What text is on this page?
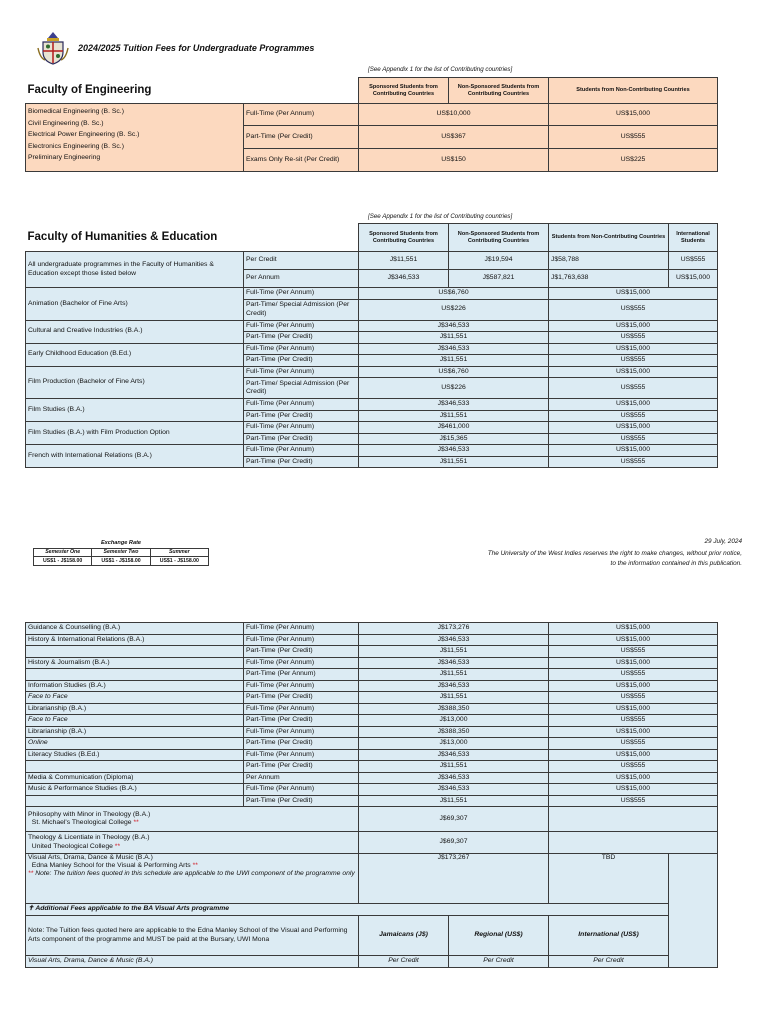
2024/2025 Tuition Fees for Undergraduate Programmes
[See Appendix 1 for the list of Contributing countries]
Faculty of Engineering		Sponsored Students from Contributing Countries	Non-Sponsored Students from Contributing Countries	Students from Non-Contributing Countries

Biomedical Engineering (B. Sc.)
Civil Engineering (B. Sc.)
Electrical Power Engineering (B. Sc.)
Electronics Engineering (B. Sc.)
Preliminary Engineering	Full-Time (Per Annum)	US$10,000		US$15,000
	Part-Time (Per Credit)	US$367		US$555
	Exams Only Re-sit (Per Credit)	US$150		US$225
[See Appendix 1 for the list of Contributing countries]
Faculty of Humanities & Education		Sponsored Students from Contributing Countries	Non-Sponsored Students from Contributing Countries	Students from Non-Contributing Countries	International Students
All undergraduate programmes in the Faculty of Humanities & Education except those listed below	Per Credit	J$11,551	J$19,594	J$58,788	US$555
	Per Annum	J$346,533	J$587,821	J$1,763,638	US$15,000
Animation (Bachelor of Fine Arts)	Full-Time (Per Annum)	US$6,760		US$15,000	
	Part-Time/ Special Admission (Per Credit)	US$226		US$555	
Cultural and Creative Industries (B.A.)	Full-Time (Per Annum)	J$346,533		US$15,000	
	Part-Time (Per Credit)	J$11,551		US$555	
Early Childhood Education (B.Ed.)	Full-Time (Per Annum)	J$346,533		US$15,000	
	Part-Time (Per Credit)	J$11,551		US$555	
Film Production (Bachelor of Fine Arts)	Full-Time (Per Annum)	US$6,760		US$15,000	
	Part-Time/ Special Admission (Per Credit)	US$226		US$555	
Film Studies (B.A.)	Full-Time (Per Annum)	J$346,533		US$15,000	
	Part-Time (Per Credit)	J$11,551		US$555	
Film Studies (B.A.) with Film Production Option	Full-Time (Per Annum)	J$461,000		US$15,000	
	Part-Time (Per Credit)	J$15,365		US$555	
French with International Relations (B.A.)	Full-Time (Per Annum)	J$346,533		US$15,000	
	Part-Time (Per Credit)	J$11,551		US$555	
Exchange Rate
Semester One	Semester Two	Summer
US$1 - J$158.00	US$1 - J$158.00	US$1 - J$158.00
29 July, 2024
The University of the West Indies reserves the right to make changes, without prior notice,
to the information contained in this publication.
Guidance & Counselling (B.A.)	Full-Time (Per Annum)	J$173,276		US$15,000	
History & International Relations (B.A.)	Full-Time (Per Annum)	J$346,533		US$15,000	
	Part-Time (Per Credit)	J$11,551		US$555	
History & Journalism (B.A.)	Full-Time (Per Annum)	J$346,533		US$15,000	
	Part-Time (Per Annum)	J$11,551		US$555	
Information Studies (B.A.)	Full-Time (Per Annum)	J$346,533		US$15,000	
Face to Face	Part-Time (Per Credit)	J$11,551		US$555	
Librarianship (B.A.)	Full-Time (Per Annum)	J$388,350		US$15,000	
Face to Face	Part-Time (Per Credit)	J$13,000		US$555	
Librarianship (B.A.)	Full-Time (Per Annum)	J$388,350		US$15,000	
Online	Part-Time (Per Credit)	J$13,000		US$555	
Literacy Studies (B.Ed.)	Full-Time (Per Annum)	J$346,533		US$15,000	
	Part-Time (Per Credit)	J$11,551		US$555	
Media & Communication (Diploma)	Per Annum	J$346,533		US$15,000	
Music & Performance Studies (B.A.)	Full-Time (Per Annum)	J$346,533		US$15,000	
	Part-Time (Per Credit)	J$11,551		US$555	

Philosophy with Minor in Theology (B.A.)
St. Michael's Theological College **		J$69,307			

Theology & Licentiate in Theology (B.A.)
United Theological College **		J$69,307			

Visual Arts, Drama, Dance & Music (B.A.)
Edna Manley School for the Visual & Performing Arts **
** Note: The tuition fees quoted in this schedule are applicable to the UWI component of the programme only		J$173,267		TBD	
✝ Additional Fees applicable to the BA Visual Arts programme					
Note: The Tuition fees quoted here are applicable to the Edna Manley School of the Visual and Performing Arts component of the programme and MUST be paid at the Bursary, UWI Mona		Jamaicans (J$)	Regional (US$)	International (US$)	
Visual Arts, Drama, Dance & Music (B.A.)		Per Credit	Per Credit	Per Credit	
